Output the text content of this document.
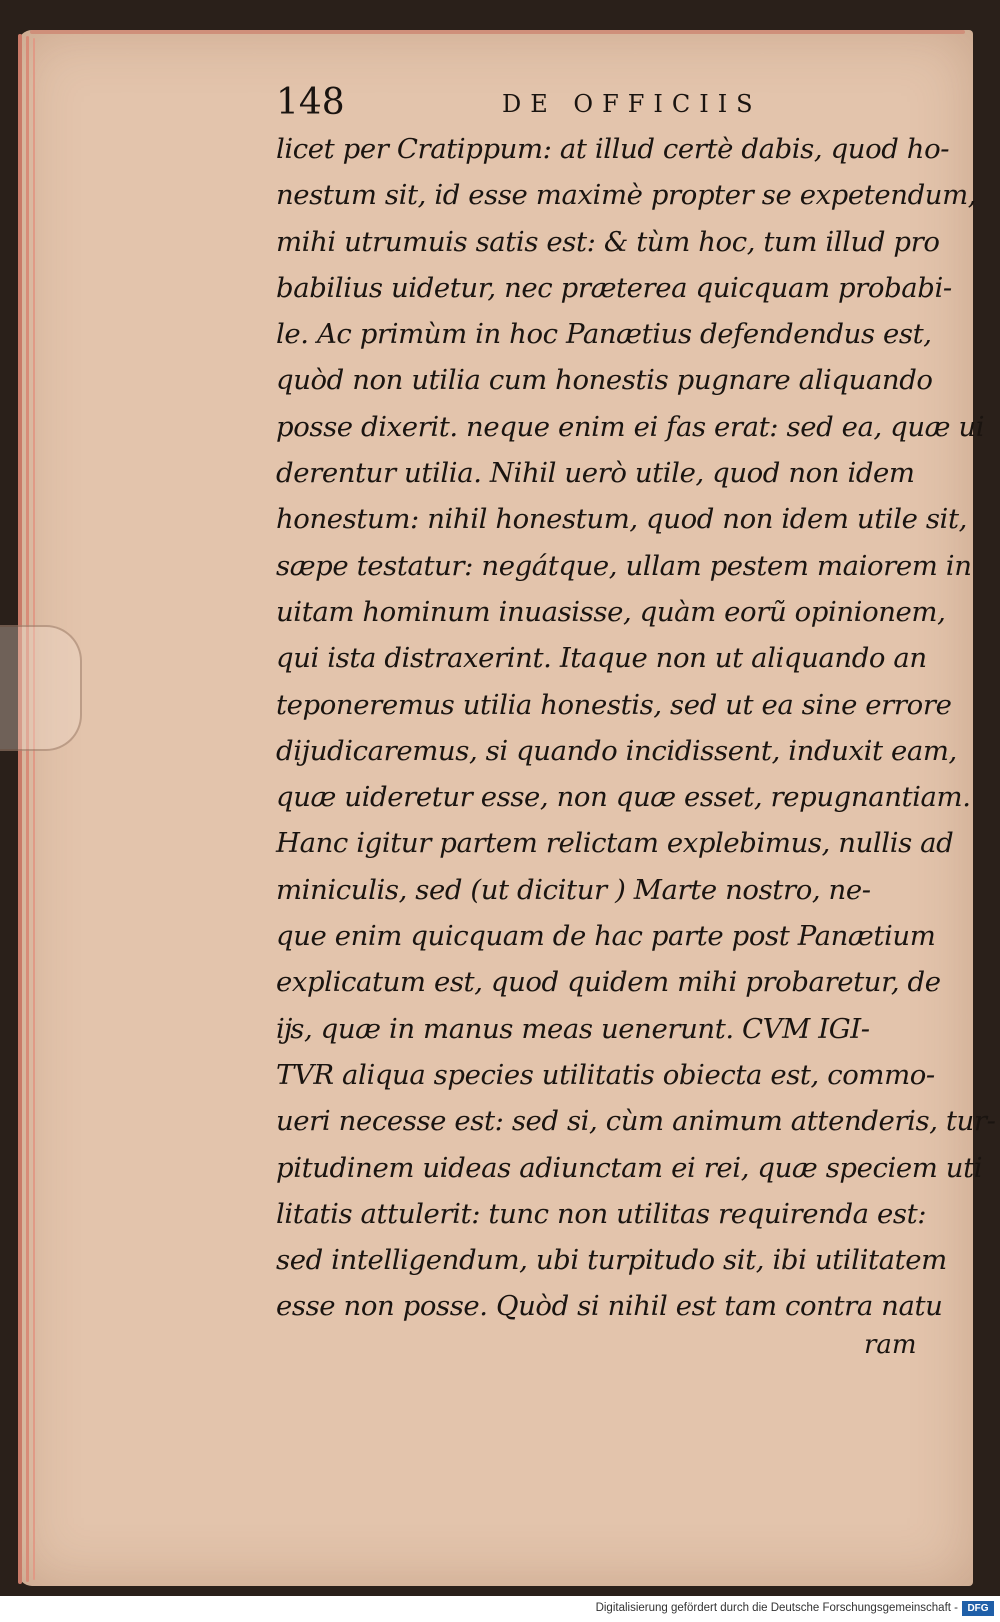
148	DE OFFICIIS
licet per Cratippum: at illud certè dabis, quod ho-
nestum sit, id esse maximè propter se expetendum,
mihi utrumuis satis est: & tùm hoc, tum illud pro
babilius uidetur, nec præterea quicquam probabi-
le. Ac primùm in hoc Panætius defendendus est,
quòd non utilia cum honestis pugnare aliquando
posse dixerit. neque enim ei fas erat: sed ea, quæ ui
derentur utilia. Nihil uerò utile, quod non idem
honestum: nihil honestum, quod non idem utile sit,
sæpe testatur: negátque, ullam pestem maiorem in
uitam hominum inuasisse, quàm eorũ opinionem,
qui ista distraxerint. Itaque non ut aliquando an
teponeremus utilia honestis, sed ut ea sine errore
dijudicaremus, si quando incidissent, induxit eam,
quæ uideretur esse, non quæ esset, repugnantiam.
Hanc igitur partem relictam explebimus, nullis ad
miniculis, sed (ut dicitur ) Marte nostro, ne-
que enim quicquam de hac parte post Panætium
explicatum est, quod quidem mihi probaretur, de
ĳs, quæ in manus meas uenerunt. CVM IGI-
TVR aliqua species utilitatis obiecta est, commo-
ueri necesse est: sed si, cùm animum attenderis, tur-
pitudinem uideas adiunctam ei rei, quæ speciem uti
litatis attulerit: tunc non utilitas requirenda est:
sed intelligendum, ubi turpitudo sit, ibi utilitatem
esse non posse. Quòd si nihil est tam contra natu
ram
Digitalisierung gefördert durch die Deutsche Forschungsgemeinschaft - DFG
